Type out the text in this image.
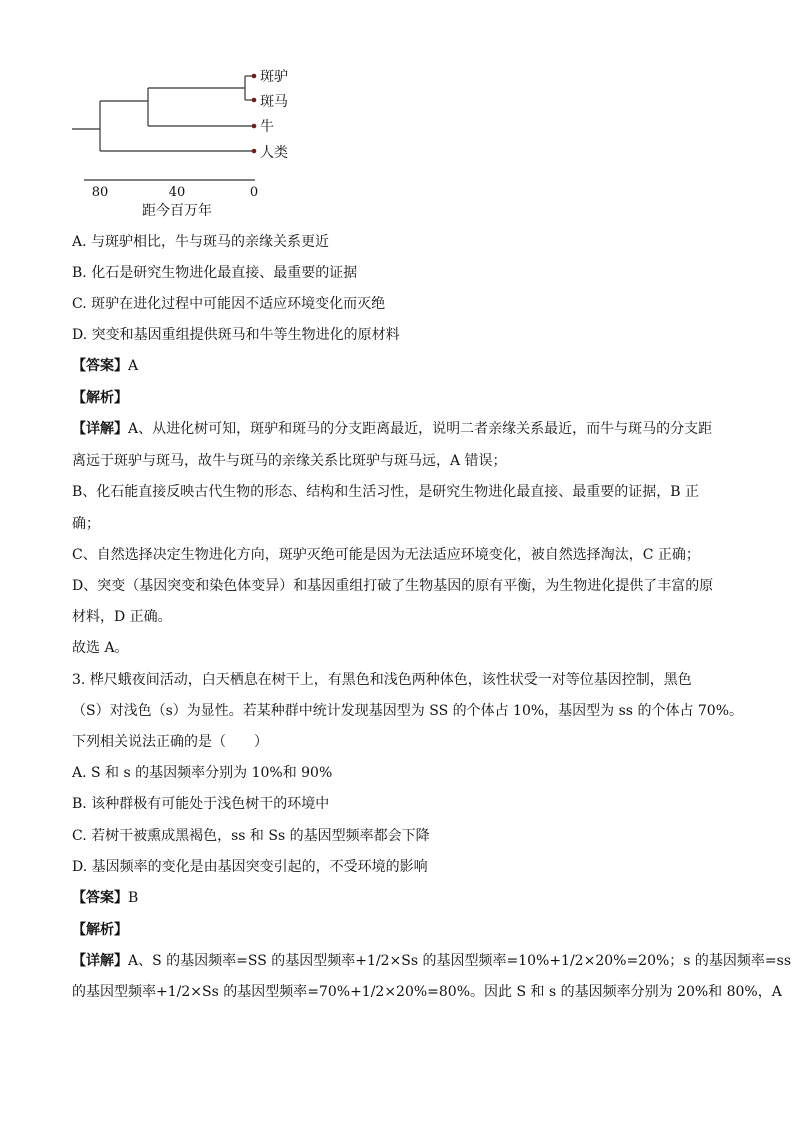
斑驴
斑马
牛
人类
80	40	0
距今百万年
A. 与斑驴相比，牛与斑马的亲缘关系更近
B. 化石是研究生物进化最直接、最重要的证据
C. 斑驴在进化过程中可能因不适应环境变化而灭绝
D. 突变和基因重组提供斑马和牛等生物进化的原材料
【答案】A
【解析】
【详解】A、从进化树可知，斑驴和斑马的分支距离最近，说明二者亲缘关系最近，而牛与斑马的分支距
离远于斑驴与斑马，故牛与斑马的亲缘关系比斑驴与斑马远，A 错误；
B、化石能直接反映古代生物的形态、结构和生活习性，是研究生物进化最直接、最重要的证据，B 正
确；
C、自然选择决定生物进化方向，斑驴灭绝可能是因为无法适应环境变化，被自然选择淘汰，C 正确；
D、突变（基因突变和染色体变异）和基因重组打破了生物基因的原有平衡，为生物进化提供了丰富的原
材料，D 正确。
故选 A。
3. 桦尺蛾夜间活动，白天栖息在树干上，有黑色和浅色两种体色，该性状受一对等位基因控制，黑色
（S）对浅色（s）为显性。若某种群中统计发现基因型为 SS 的个体占 10%，基因型为 ss 的个体占 70%。
下列相关说法正确的是（　　）
A. S 和 s 的基因频率分别为 10%和 90%
B. 该种群极有可能处于浅色树干的环境中
C. 若树干被熏成黑褐色，ss 和 Ss 的基因型频率都会下降
D. 基因频率的变化是由基因突变引起的，不受环境的影响
【答案】B
【解析】
【详解】A、S 的基因频率=SS 的基因型频率+1/2×Ss 的基因型频率=10%+1/2×20%=20%；s 的基因频率=ss
的基因型频率+1/2×Ss 的基因型频率=70%+1/2×20%=80%。因此 S 和 s 的基因频率分别为 20%和 80%，A
